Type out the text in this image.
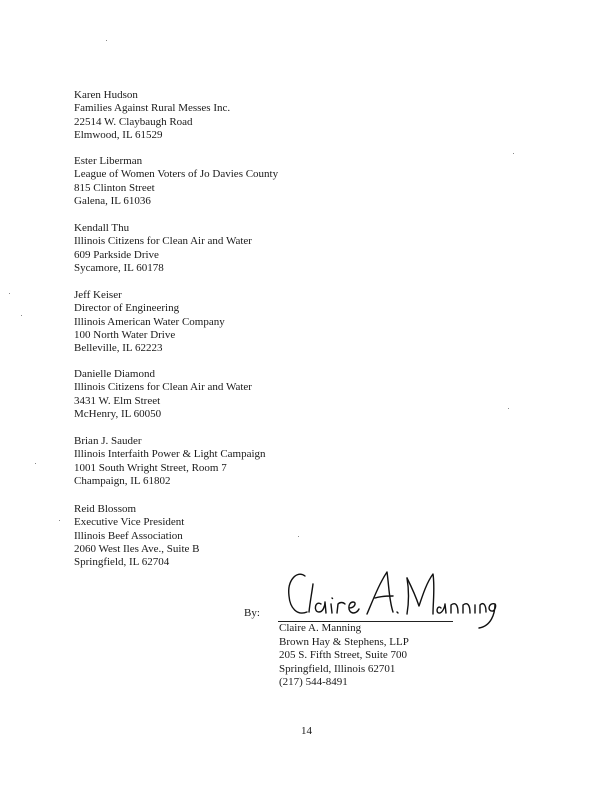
Karen Hudson
Families Against Rural Messes Inc.
22514 W. Claybaugh Road
Elmwood, IL 61529
Ester Liberman
League of Women Voters of Jo Davies County
815 Clinton Street
Galena, IL 61036
Kendall Thu
Illinois Citizens for Clean Air and Water
609 Parkside Drive
Sycamore, IL 60178
Jeff Keiser
Director of Engineering
Illinois American Water Company
100 North Water Drive
Belleville, IL 62223
Danielle Diamond
Illinois Citizens for Clean Air and Water
3431 W. Elm Street
McHenry, IL 60050
Brian J. Sauder
Illinois Interfaith Power & Light Campaign
1001 South Wright Street, Room 7
Champaign, IL 61802
Reid Blossom
Executive Vice President
Illinois Beef Association
2060 West Iles Ave., Suite B
Springfield, IL 62704
By:
Claire A. Manning
Brown Hay & Stephens, LLP
205 S. Fifth Street, Suite 700
Springfield, Illinois 62701
(217) 544-8491
14
